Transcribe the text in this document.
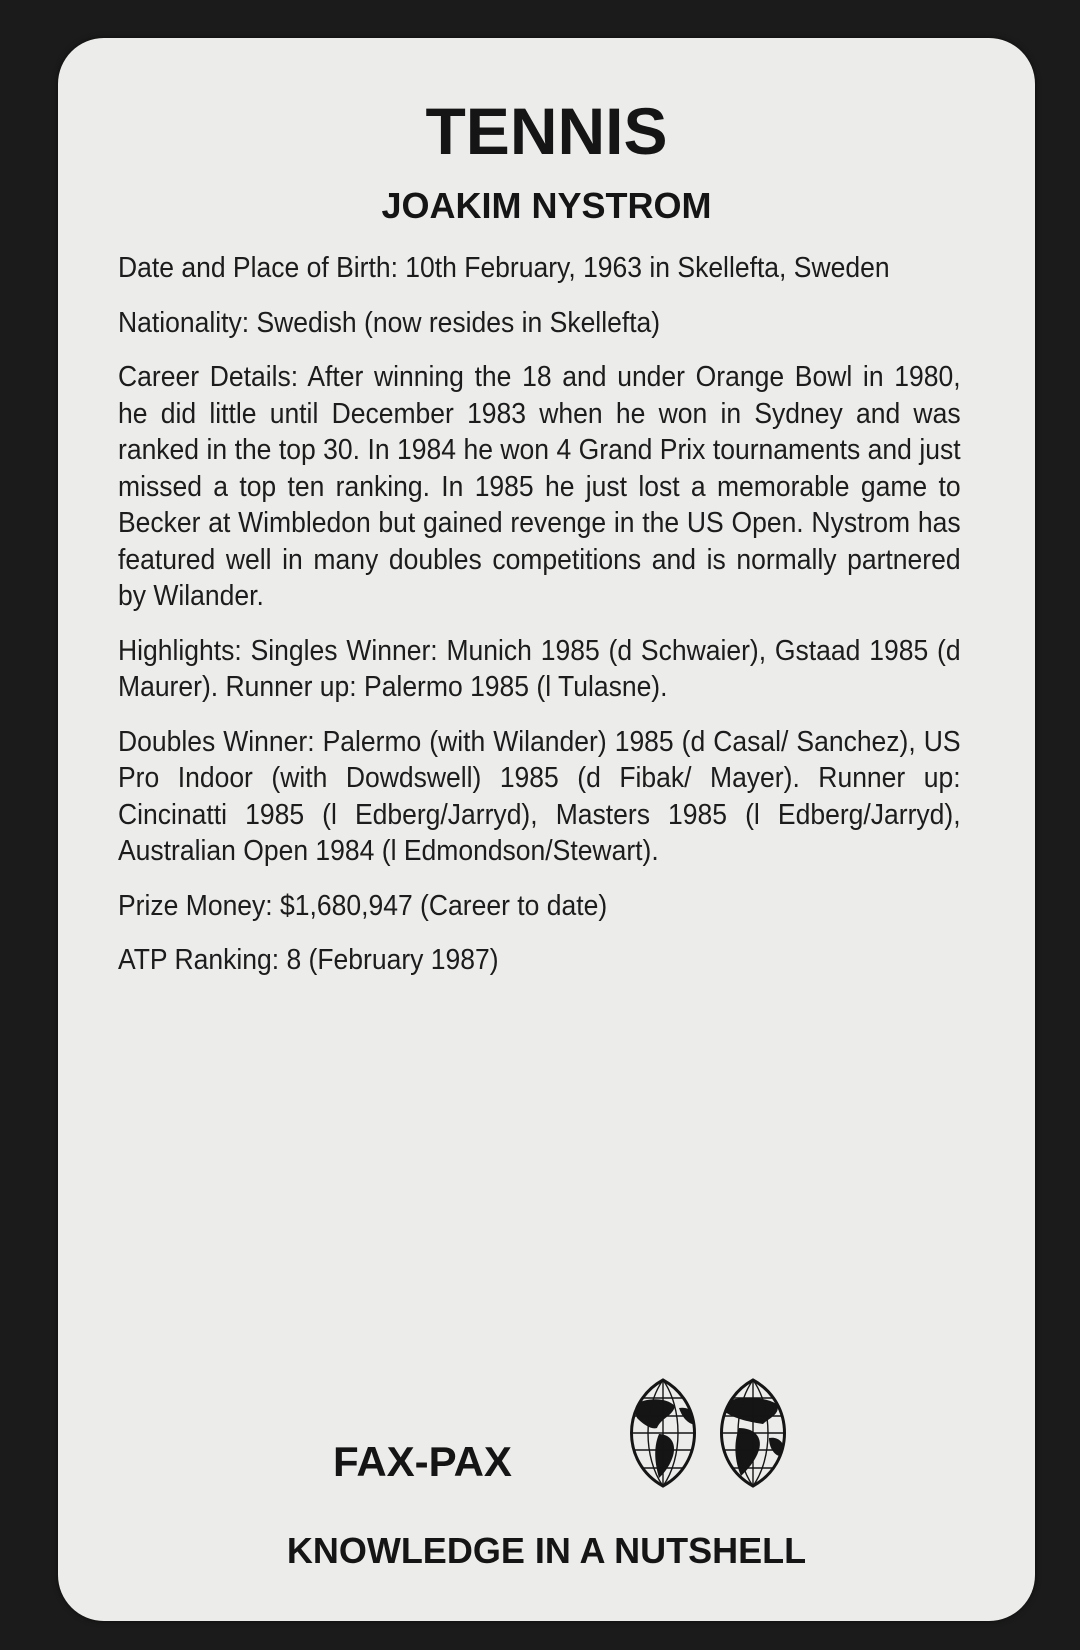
TENNIS
JOAKIM NYSTROM

Date and Place of Birth: 10th February, 1963 in Skellefta, Sweden

Nationality: Swedish (now resides in Skellefta)

Career Details: After winning the 18 and under Orange Bowl in 1980, he did little until December 1983 when he won in Sydney and was ranked in the top 30. In 1984 he won 4 Grand Prix tournaments and just missed a top ten ranking. In 1985 he just lost a memorable game to Becker at Wimbledon but gained revenge in the US Open. Nystrom has featured well in many doubles competitions and is normally partnered by Wilander.

Highlights: Singles Winner: Munich 1985 (d Schwaier), Gstaad 1985 (d Maurer). Runner up: Palermo 1985 (l Tulasne).

Doubles Winner: Palermo (with Wilander) 1985 (d Casal/ Sanchez), US Pro Indoor (with Dowdswell) 1985 (d Fibak/ Mayer). Runner up: Cincinatti 1985 (l Edberg/Jarryd), Masters 1985 (l Edberg/Jarryd), Australian Open 1984 (l Edmondson/Stewart).

Prize Money: $1,680,947 (Career to date)

ATP Ranking: 8 (February 1987)

FAX-PAX

KNOWLEDGE IN A NUTSHELL
